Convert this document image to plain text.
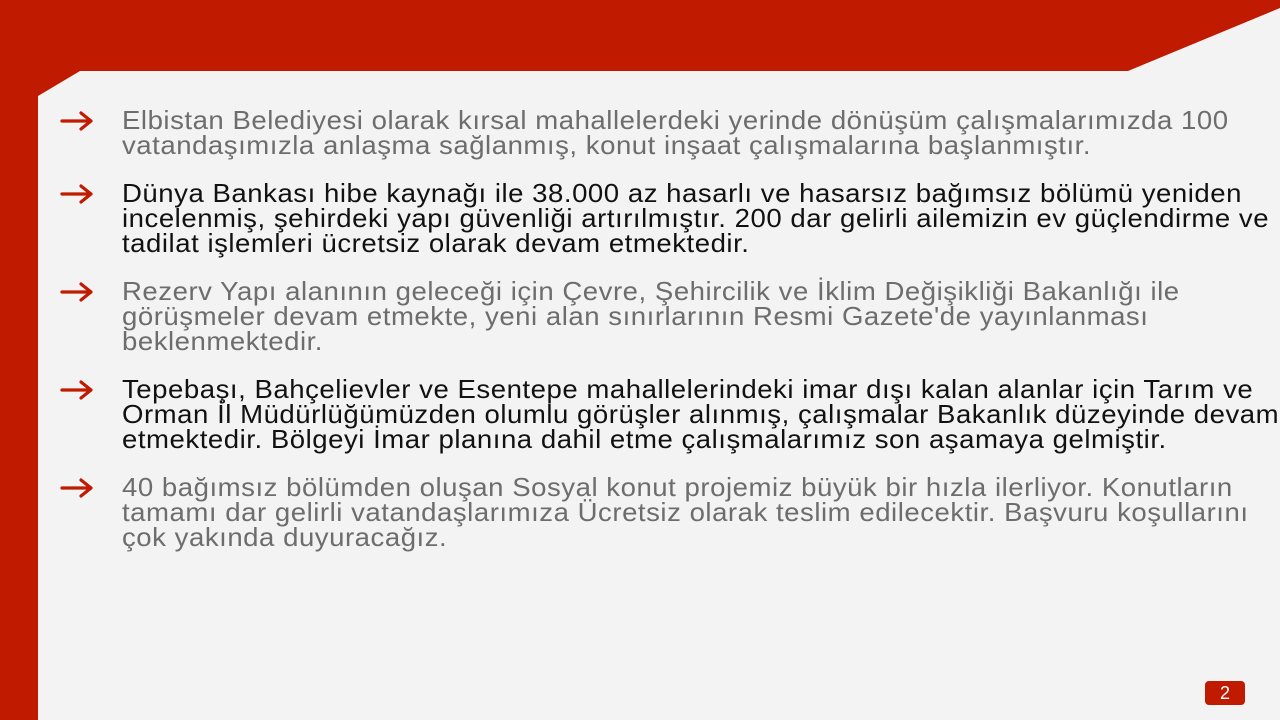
Elbistan Belediyesi olarak kırsal mahallelerdeki yerinde dönüşüm çalışmalarımızda 100 vatandaşımızla anlaşma sağlanmış, konut inşaat çalışmalarına başlanmıştır.

Dünya Bankası hibe kaynağı ile 38.000 az hasarlı ve hasarsız bağımsız bölümü yeniden incelenmiş, şehirdeki yapı güvenliği artırılmıştır. 200 dar gelirli ailemizin ev güçlendirme ve tadilat işlemleri ücretsiz olarak devam etmektedir.

Rezerv Yapı alanının geleceği için Çevre, Şehircilik ve İklim Değişikliği Bakanlığı ile görüşmeler devam etmekte, yeni alan sınırlarının Resmi Gazete'de yayınlanması beklenmektedir.

Tepebaşı, Bahçelievler ve Esentepe mahallelerindeki imar dışı kalan alanlar için Tarım ve Orman İl Müdürlüğümüzden olumlu görüşler alınmış, çalışmalar Bakanlık düzeyinde devam etmektedir. Bölgeyi İmar planına dahil etme çalışmalarımız son aşamaya gelmiştir.

40 bağımsız bölümden oluşan Sosyal konut projemiz büyük bir hızla ilerliyor. Konutların tamamı dar gelirli vatandaşlarımıza Ücretsiz olarak teslim edilecektir. Başvuru koşullarını çok yakında duyuracağız.

2
